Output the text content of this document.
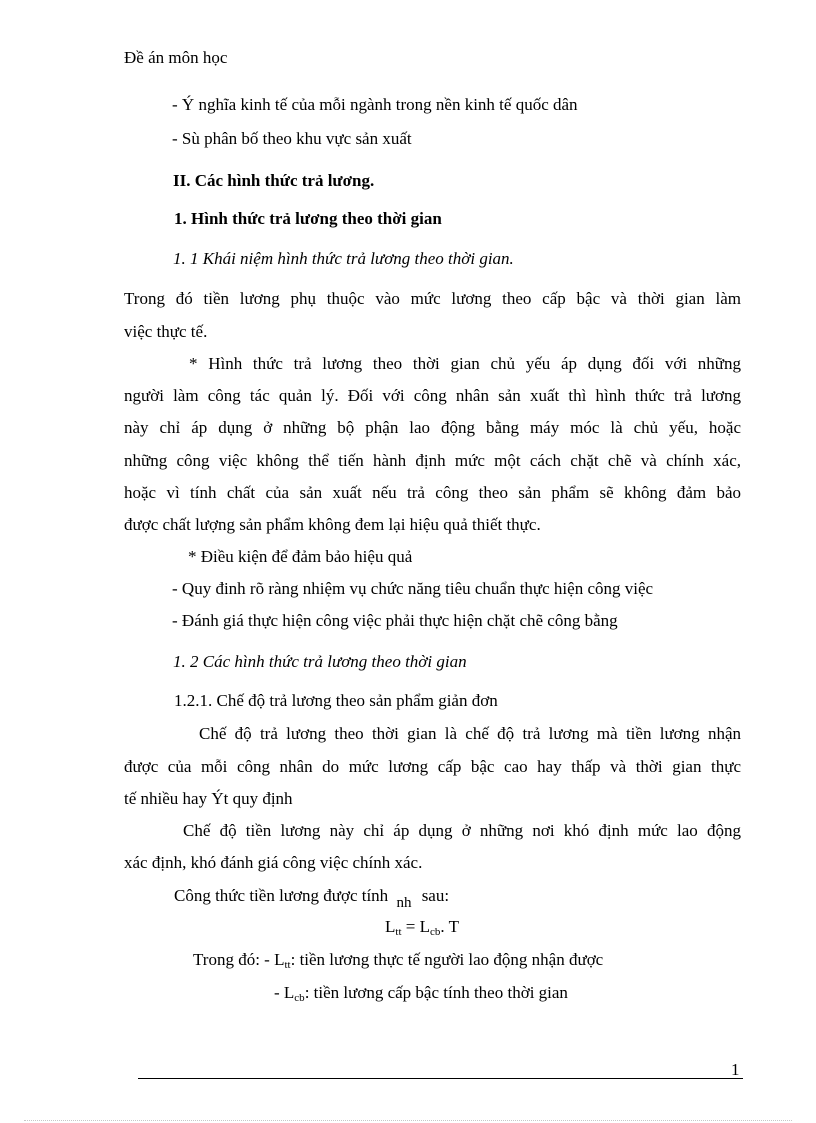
Đề án môn học
- Ý nghĩa kinh tế của mỗi ngành trong nền kinh tế quốc dân
- Sù phân bố theo khu vực sản xuất
II. Các hình thức trả lương.
1. Hình thức trả lương theo thời gian
1. 1 Khái niệm hình thức trả lương theo thời gian.
Trong đó tiền lương phụ thuộc vào mức lương theo cấp bậc và thời gian làm
việc thực tế.
* Hình thức trả lương theo thời gian chủ yếu áp dụng đối với những
người làm công tác quản lý. Đối với công nhân sản xuất thì hình thức trả lương
này chỉ áp dụng ở những bộ phận lao động bằng máy móc là chủ yếu, hoặc
những công việc không thể tiến hành định mức một cách chặt chẽ và chính xác,
hoặc vì tính chất của sản xuất nếu trả công theo sản phẩm sẽ không đảm bảo
được chất lượng sản phẩm không đem lại hiệu quả thiết thực.
* Điều kiện để đảm bảo hiệu quả
- Quy đinh rõ ràng nhiệm vụ chức năng tiêu chuẩn thực hiện công việc
- Đánh giá thực hiện công việc phải thực hiện chặt chẽ công bằng
1. 2 Các hình thức trả lương theo thời gian
1.2.1. Chế độ trả lương theo sản phẩm giản đơn
Chế độ trả lương theo thời gian là chế độ trả lương mà tiền lương nhận
được của mỗi công nhân do mức lương cấp bậc cao hay thấp và thời gian thực
tế nhiều hay Ýt quy định
Chế độ tiền lương này chỉ áp dụng ở những nơi khó định mức lao động
xác định, khó đánh giá công việc chính xác.
Công thức tiền lương được tính nh sau:
$L_{tt} = L_{cb}$. T
Trong đó: - $L_{tt}$: tiền lương thực tế người lao động nhận được
- $L_{cb}$: tiền lương cấp bậc tính theo thời gian
1
